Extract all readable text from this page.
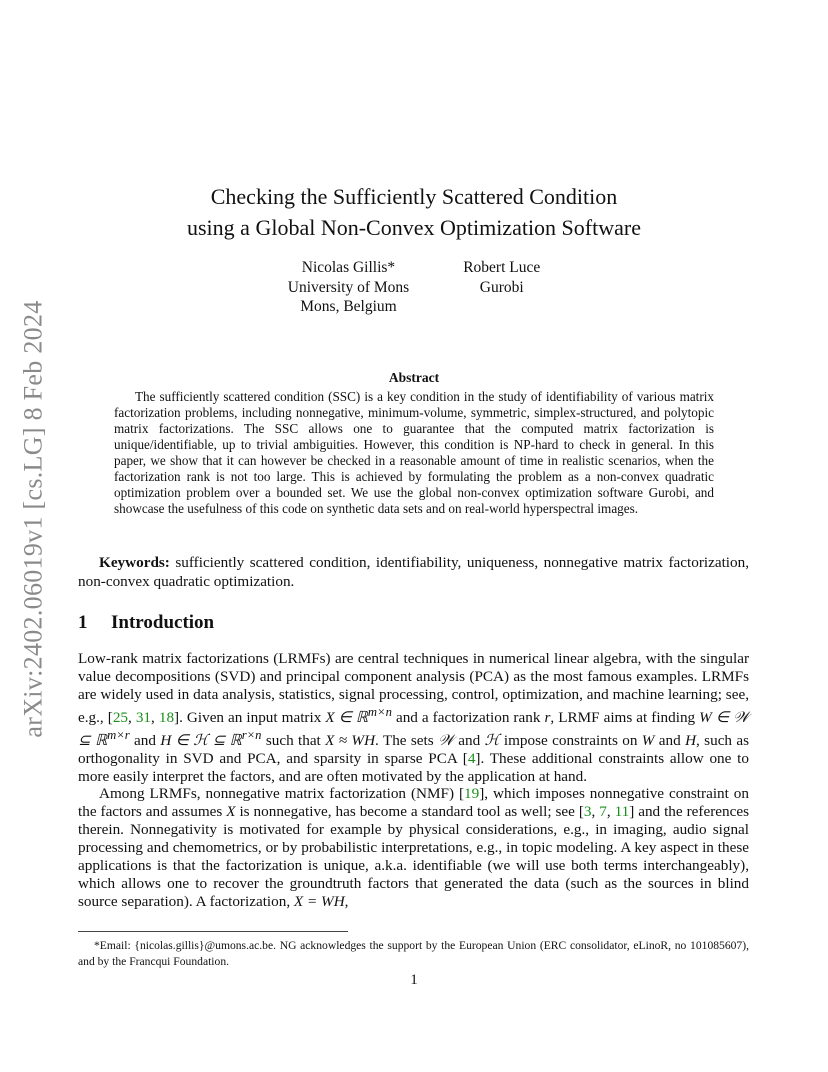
arXiv:2402.06019v1 [cs.LG] 8 Feb 2024
Checking the Sufficiently Scattered Condition
using a Global Non-Convex Optimization Software
Nicolas Gillis*
University of Mons
Mons, Belgium
Robert Luce
Gurobi
Abstract
The sufficiently scattered condition (SSC) is a key condition in the study of identifiability of various matrix factorization problems, including nonnegative, minimum-volume, symmetric, simplex-structured, and polytopic matrix factorizations. The SSC allows one to guarantee that the computed matrix factorization is unique/identifiable, up to trivial ambiguities. However, this condition is NP-hard to check in general. In this paper, we show that it can however be checked in a reasonable amount of time in realistic scenarios, when the factorization rank is not too large. This is achieved by formulating the problem as a non-convex quadratic optimization problem over a bounded set. We use the global non-convex optimization software Gurobi, and showcase the usefulness of this code on synthetic data sets and on real-world hyperspectral images.
Keywords: sufficiently scattered condition, identifiability, uniqueness, nonnegative matrix factorization, non-convex quadratic optimization.
1 Introduction

Low-rank matrix factorizations (LRMFs) are central techniques in numerical linear algebra, with the singular value decompositions (SVD) and principal component analysis (PCA) as the most famous examples. LRMFs are widely used in data analysis, statistics, signal processing, control, optimization, and machine learning; see, e.g., [25, 31, 18]. Given an input matrix X ∈ ℝ$^{m\times n}$ and a factorization rank r, LRMF aims at finding W ∈ 𝒲 ⊆ ℝ$^{m\times r}$ and H ∈ ℋ ⊆ ℝ$^{r\times n}$ such that X ≈ WH. The sets 𝒲 and ℋ impose constraints on W and H, such as orthogonality in SVD and PCA, and sparsity in sparse PCA [4]. These additional constraints allow one to more easily interpret the factors, and are often motivated by the application at hand.

Among LRMFs, nonnegative matrix factorization (NMF) [19], which imposes nonnegative constraint on the factors and assumes X is nonnegative, has become a standard tool as well; see [3, 7, 11] and the references therein. Nonnegativity is motivated for example by physical considerations, e.g., in imaging, audio signal processing and chemometrics, or by probabilistic interpretations, e.g., in topic modeling. A key aspect in these applications is that the factorization is unique, a.k.a. identifiable (we will use both terms interchangeably), which allows one to recover the groundtruth factors that generated the data (such as the sources in blind source separation). A factorization, X = WH,

*Email: {nicolas.gillis}@umons.ac.be. NG acknowledges the support by the European Union (ERC consolidator, eLinoR, no 101085607), and by the Francqui Foundation.
1
